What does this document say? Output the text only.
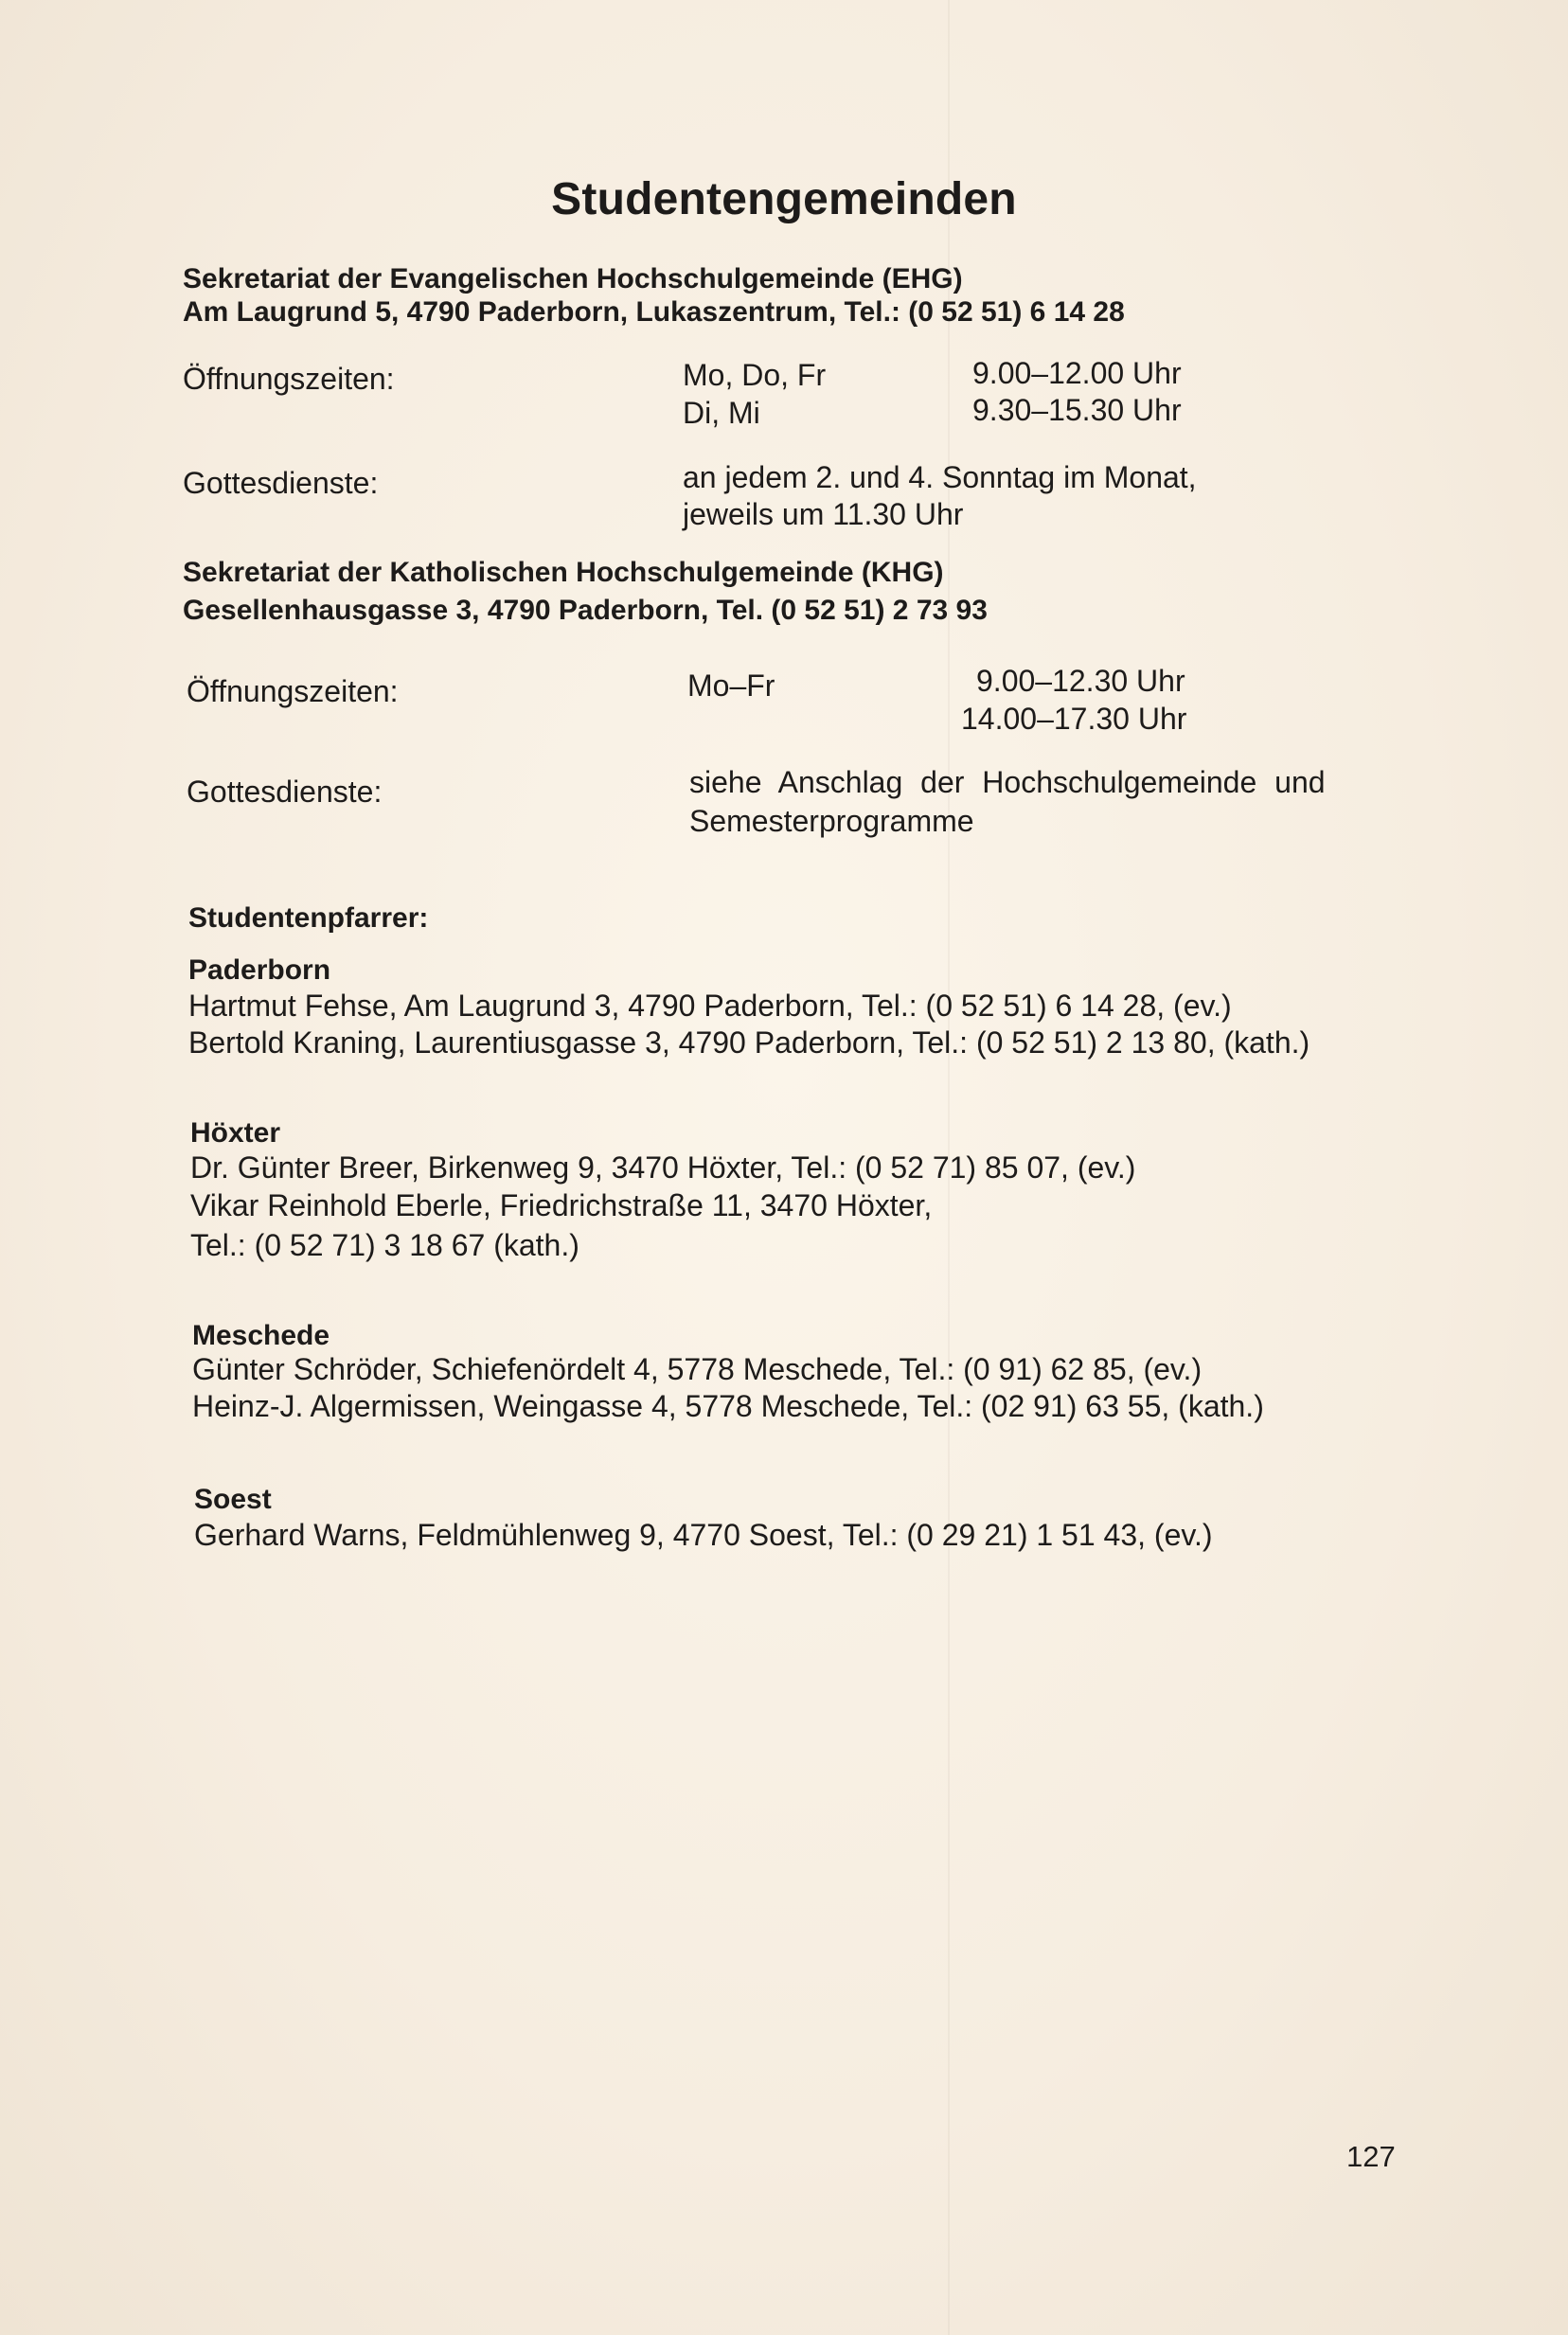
Studentengemeinden
Sekretariat der Evangelischen Hochschulgemeinde (EHG)
Am Laugrund 5, 4790 Paderborn, Lukaszentrum, Tel.: (0 52 51) 6 14 28
Öffnungszeiten:	Mo, Do, Fr	9.00–12.00 Uhr
Di, Mi	9.30–15.30 Uhr
Gottesdienste:	an jedem 2. und 4. Sonntag im Monat,
jeweils um 11.30 Uhr
Sekretariat der Katholischen Hochschulgemeinde (KHG)
Gesellenhausgasse 3, 4790 Paderborn, Tel. (0 52 51) 2 73 93
Öffnungszeiten:	Mo–Fr	9.00–12.30 Uhr
14.00–17.30 Uhr
Gottesdienste:	siehe Anschlag der Hochschulgemeinde und
Semesterprogramme
Studentenpfarrer:
Paderborn
Hartmut Fehse, Am Laugrund 3, 4790 Paderborn, Tel.: (0 52 51) 6 14 28, (ev.)
Bertold Kraning, Laurentiusgasse 3, 4790 Paderborn, Tel.: (0 52 51) 2 13 80, (kath.)
Höxter
Dr. Günter Breer, Birkenweg 9, 3470 Höxter, Tel.: (0 52 71) 85 07, (ev.)
Vikar Reinhold Eberle, Friedrichstraße 11, 3470 Höxter,
Tel.: (0 52 71) 3 18 67 (kath.)
Meschede
Günter Schröder, Schiefenördelt 4, 5778 Meschede, Tel.: (0 91) 62 85, (ev.)
Heinz-J. Algermissen, Weingasse 4, 5778 Meschede, Tel.: (02 91) 63 55, (kath.)
Soest
Gerhard Warns, Feldmühlenweg 9, 4770 Soest, Tel.: (0 29 21) 1 51 43, (ev.)
127
